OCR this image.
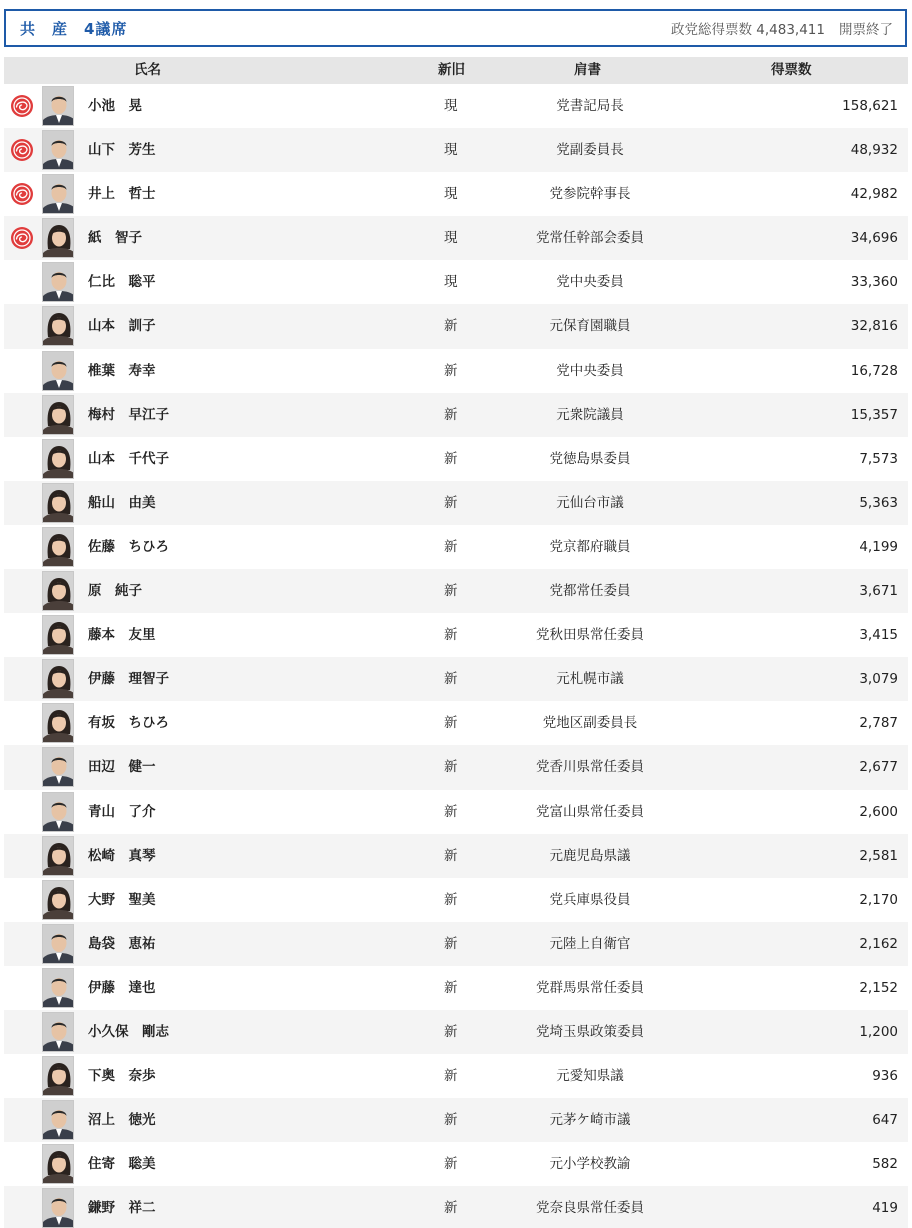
共　産　4議席	政党総得票数 4,483,411 開票終了
氏名	新旧	肩書	得票数
小池　晃	現	党書記局長	158,621
山下　芳生	現	党副委員長	48,932
井上　哲士	現	党参院幹事長	42,982
紙　智子	現	党常任幹部会委員	34,696
仁比　聡平	現	党中央委員	33,360
山本　訓子	新	元保育園職員	32,816
椎葉　寿幸	新	党中央委員	16,728
梅村　早江子	新	元衆院議員	15,357
山本　千代子	新	党徳島県委員	7,573
船山　由美	新	元仙台市議	5,363
佐藤　ちひろ	新	党京都府職員	4,199
原　純子	新	党都常任委員	3,671
藤本　友里	新	党秋田県常任委員	3,415
伊藤　理智子	新	元札幌市議	3,079
有坂　ちひろ	新	党地区副委員長	2,787
田辺　健一	新	党香川県常任委員	2,677
青山　了介	新	党富山県常任委員	2,600
松崎　真琴	新	元鹿児島県議	2,581
大野　聖美	新	党兵庫県役員	2,170
島袋　恵祐	新	元陸上自衛官	2,162
伊藤　達也	新	党群馬県常任委員	2,152
小久保　剛志	新	党埼玉県政策委員	1,200
下奥　奈歩	新	元愛知県議	936
沼上　徳光	新	元茅ケ崎市議	647
住寄　聡美	新	元小学校教諭	582
鎌野　祥二	新	党奈良県常任委員	419
